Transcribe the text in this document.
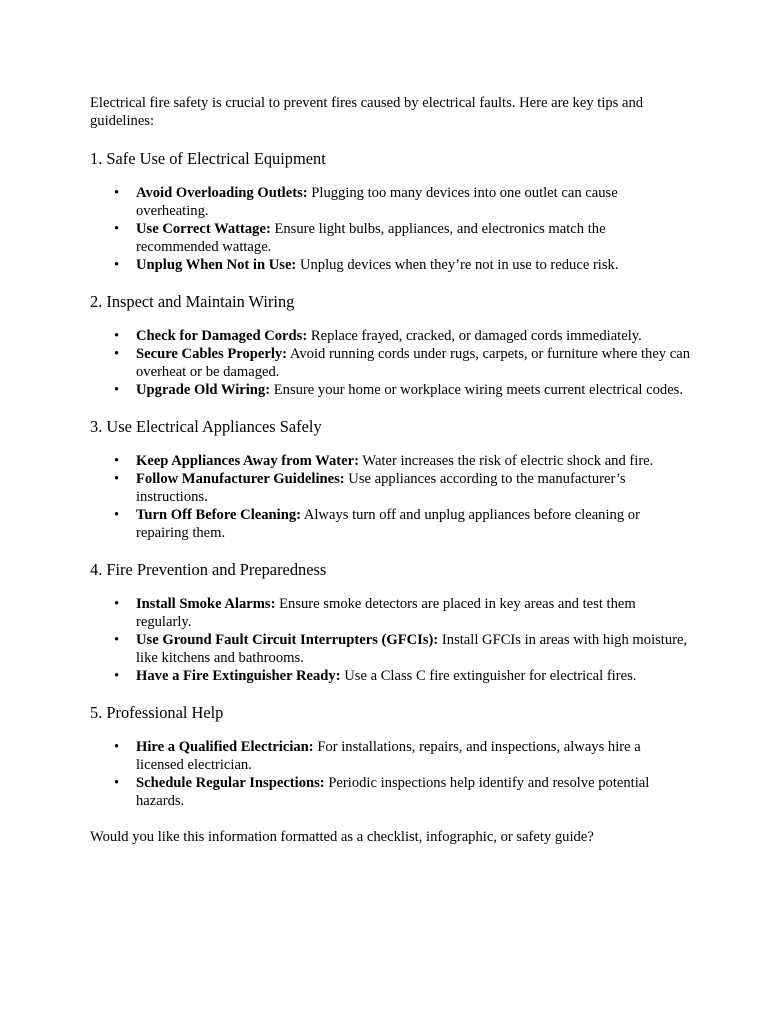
Electrical fire safety is crucial to prevent fires caused by electrical faults. Here are key tips and guidelines:

1. Safe Use of Electrical Equipment
• Avoid Overloading Outlets: Plugging too many devices into one outlet can cause overheating.
• Use Correct Wattage: Ensure light bulbs, appliances, and electronics match the recommended wattage.
• Unplug When Not in Use: Unplug devices when they’re not in use to reduce risk.
2. Inspect and Maintain Wiring
• Check for Damaged Cords: Replace frayed, cracked, or damaged cords immediately.
• Secure Cables Properly: Avoid running cords under rugs, carpets, or furniture where they can overheat or be damaged.
• Upgrade Old Wiring: Ensure your home or workplace wiring meets current electrical codes.
3. Use Electrical Appliances Safely
• Keep Appliances Away from Water: Water increases the risk of electric shock and fire.
• Follow Manufacturer Guidelines: Use appliances according to the manufacturer’s instructions.
• Turn Off Before Cleaning: Always turn off and unplug appliances before cleaning or repairing them.
4. Fire Prevention and Preparedness
• Install Smoke Alarms: Ensure smoke detectors are placed in key areas and test them regularly.
• Use Ground Fault Circuit Interrupters (GFCIs): Install GFCIs in areas with high moisture, like kitchens and bathrooms.
• Have a Fire Extinguisher Ready: Use a Class C fire extinguisher for electrical fires.
5. Professional Help
• Hire a Qualified Electrician: For installations, repairs, and inspections, always hire a licensed electrician.
• Schedule Regular Inspections: Periodic inspections help identify and resolve potential hazards.

Would you like this information formatted as a checklist, infographic, or safety guide?
